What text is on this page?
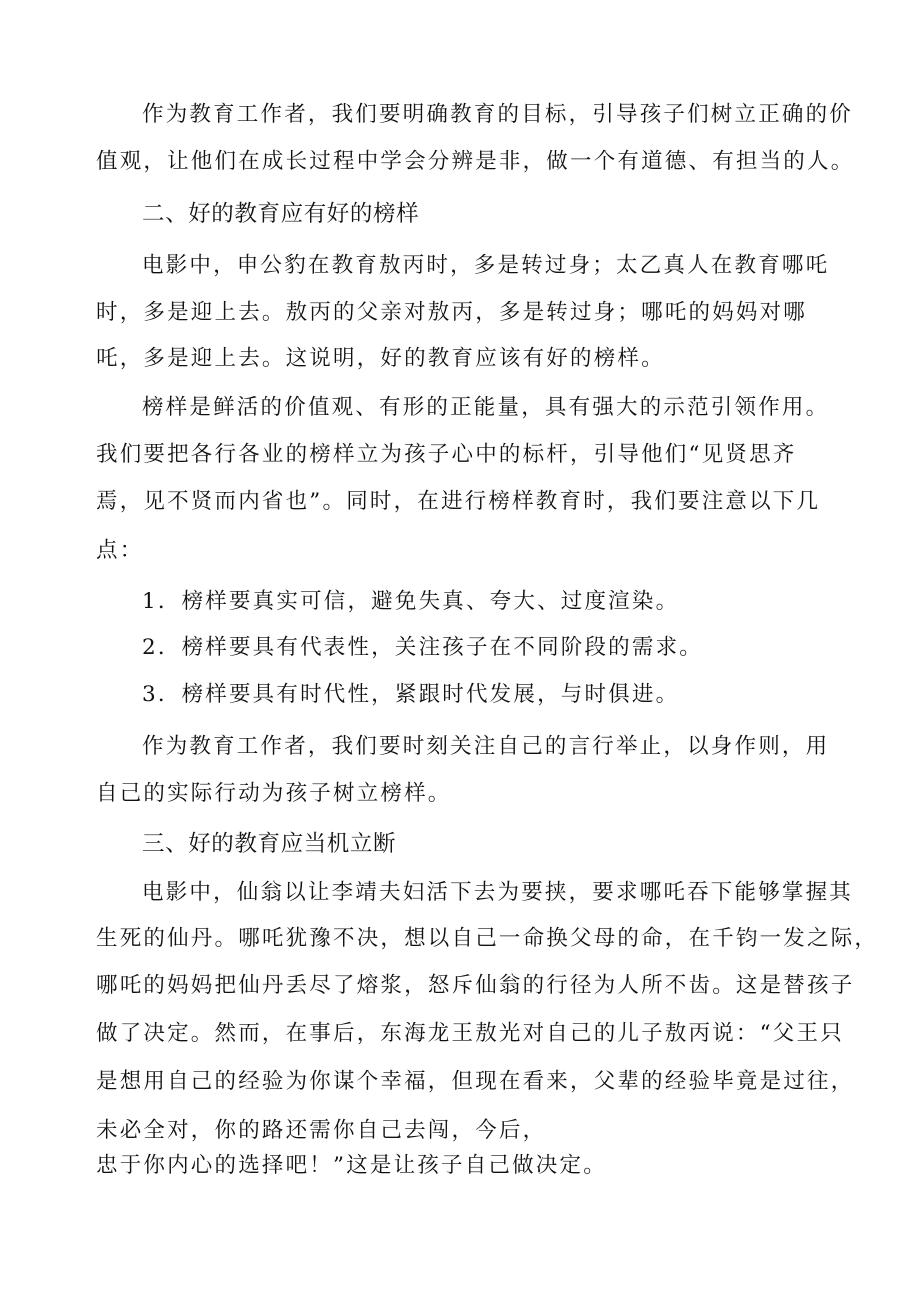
作为教育工作者，我们要明确教育的目标，引导孩子们树立正确的价
值观，让他们在成长过程中学会分辨是非，做一个有道德、有担当的人。
二、好的教育应有好的榜样
电影中，申公豹在教育敖丙时，多是转过身；太乙真人在教育哪吒
时，多是迎上去。敖丙的父亲对敖丙，多是转过身；哪吒的妈妈对哪
吒，多是迎上去。这说明，好的教育应该有好的榜样。
榜样是鲜活的价值观、有形的正能量，具有强大的示范引领作用。
我们要把各行各业的榜样立为孩子心中的标杆，引导他们“见贤思齐
焉，见不贤而内省也”。同时，在进行榜样教育时，我们要注意以下几
点：
1．榜样要真实可信，避免失真、夸大、过度渲染。
2．榜样要具有代表性，关注孩子在不同阶段的需求。
3．榜样要具有时代性，紧跟时代发展，与时俱进。
作为教育工作者，我们要时刻关注自己的言行举止，以身作则，用
自己的实际行动为孩子树立榜样。
三、好的教育应当机立断
电影中，仙翁以让李靖夫妇活下去为要挟，要求哪吒吞下能够掌握其
生死的仙丹。哪吒犹豫不决，想以自己一命换父母的命，在千钧一发之际，
哪吒的妈妈把仙丹丢尽了熔浆，怒斥仙翁的行径为人所不齿。这是替孩子
做了决定。然而，在事后，东海龙王敖光对自己的儿子敖丙说：“父王只
是想用自己的经验为你谋个幸福，但现在看来，父辈的经验毕竟是过往，
未必全对，你的路还需你自己去闯，今后，
忠于你内心的选择吧！”这是让孩子自己做决定。
